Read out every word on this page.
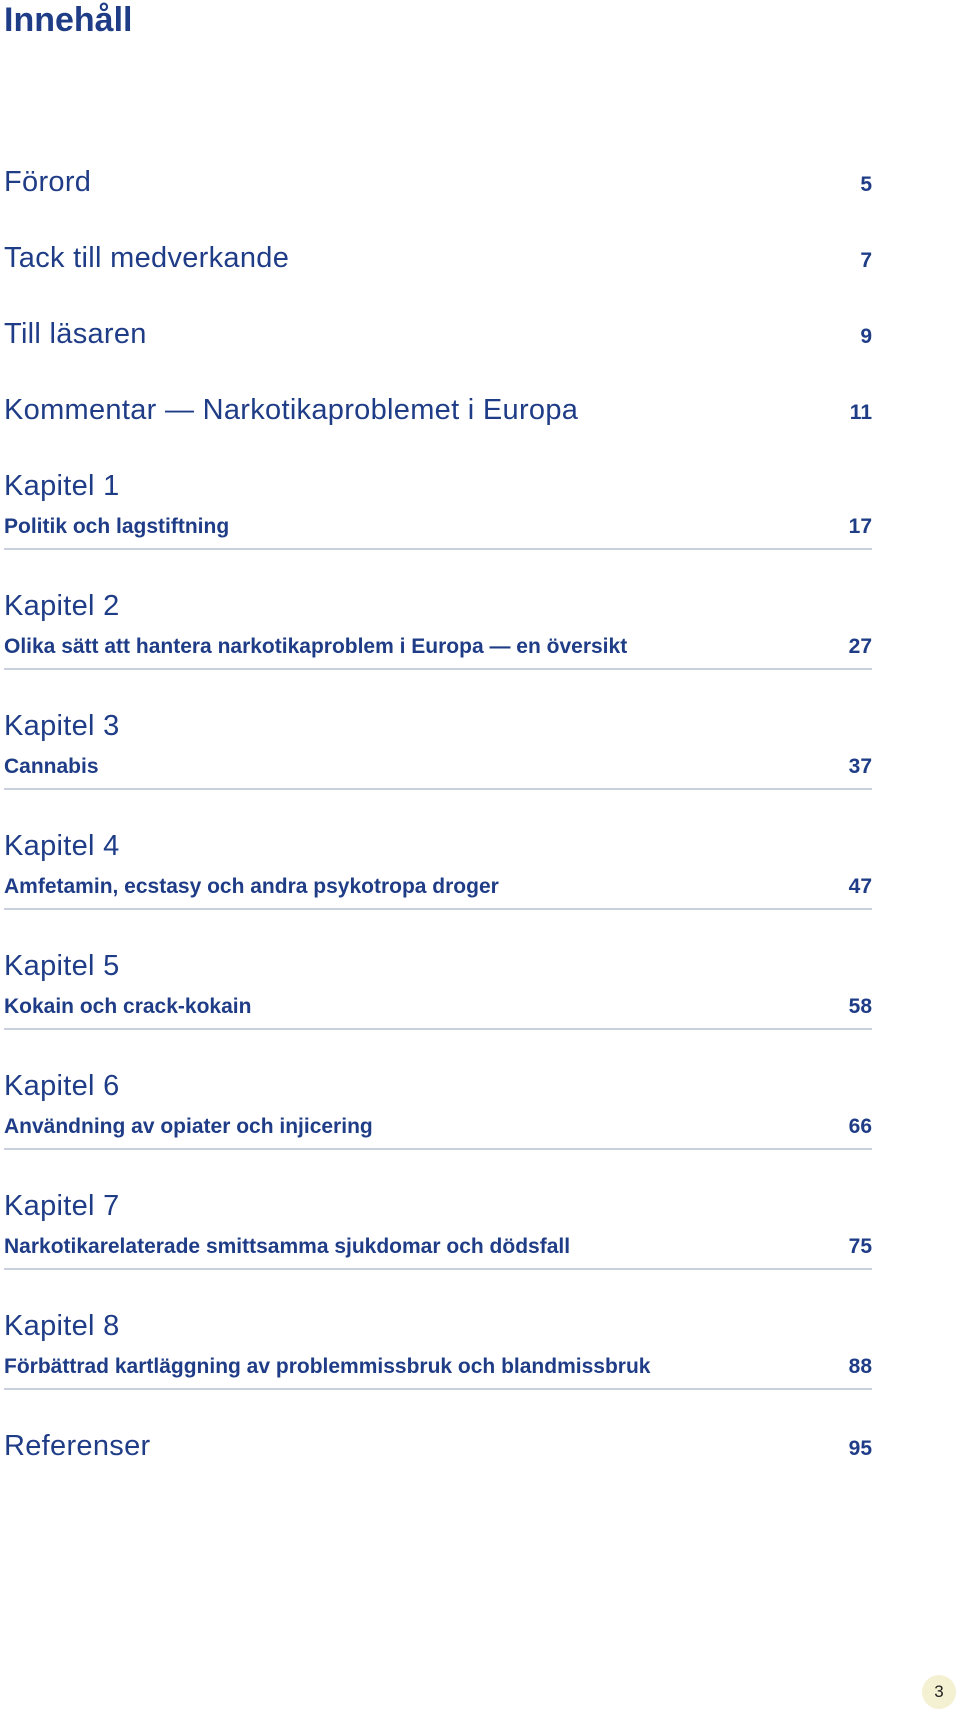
Innehåll
Förord	5
Tack till medverkande	7
Till läsaren	9
Kommentar — Narkotikaproblemet i Europa	11
Kapitel 1
Politik och lagstiftning	17
Kapitel 2
Olika sätt att hantera narkotikaproblem i Europa — en översikt	27
Kapitel 3
Cannabis	37
Kapitel 4
Amfetamin, ecstasy och andra psykotropa droger	47
Kapitel 5
Kokain och crack-kokain	58
Kapitel 6
Användning av opiater och injicering	66
Kapitel 7
Narkotikarelaterade smittsamma sjukdomar och dödsfall	75
Kapitel 8
Förbättrad kartläggning av problemmissbruk och blandmissbruk	88
Referenser	95
3
